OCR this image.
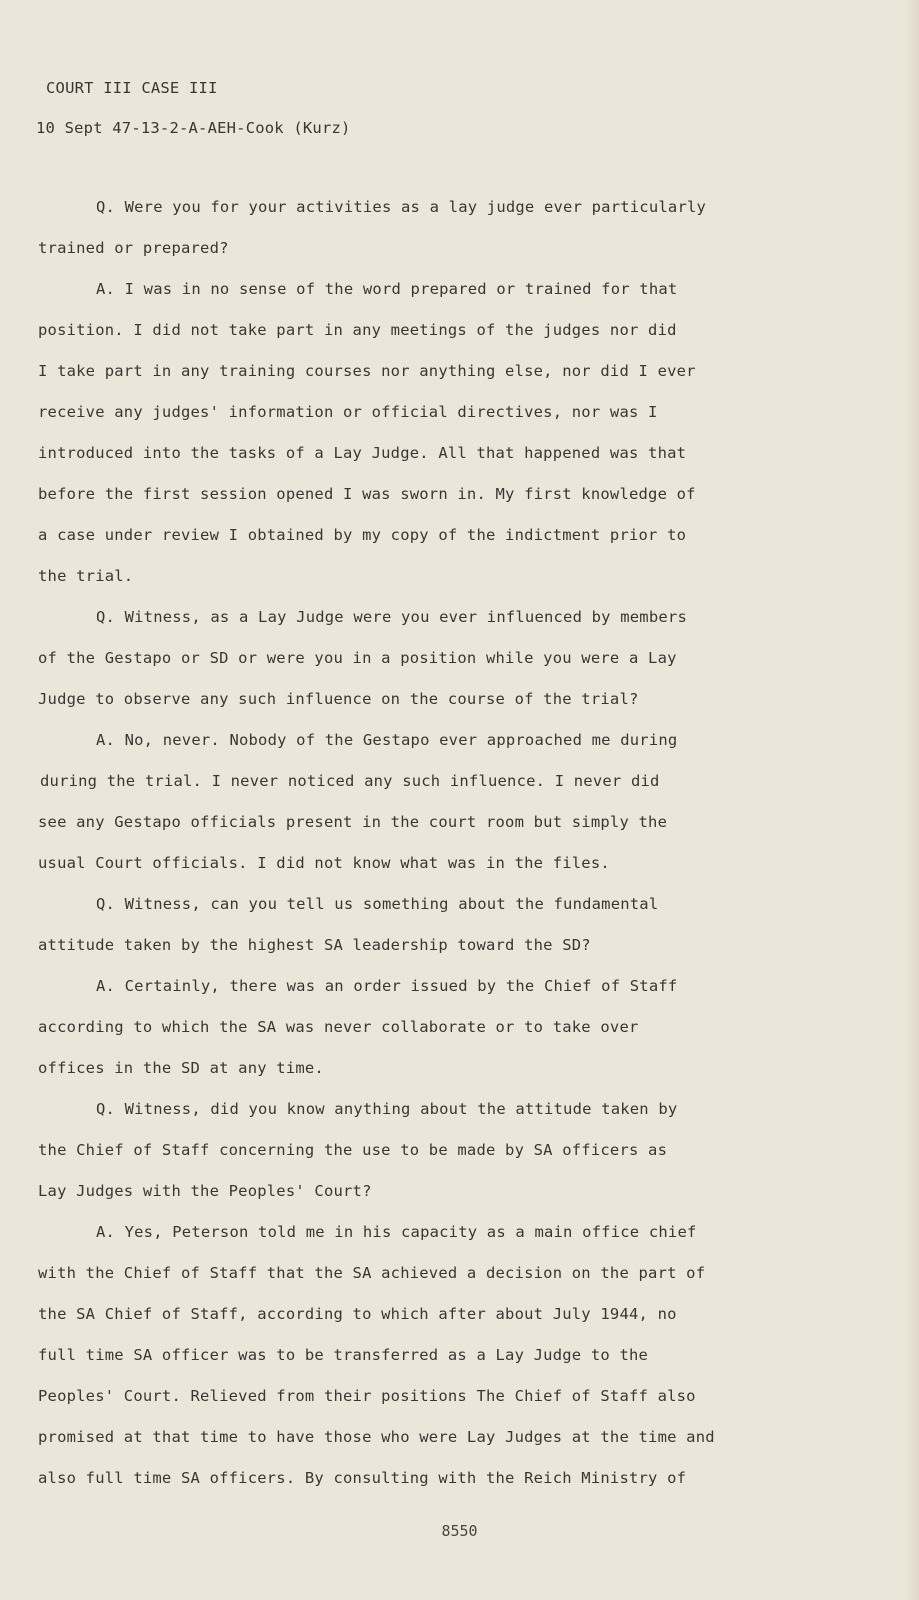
COURT III CASE III
10 Sept 47-13-2-A-AEH-Cook (Kurz)
Q. Were you for your activities as a lay judge ever particularly
trained or prepared?
A. I was in no sense of the word prepared or trained for that
position. I did not take part in any meetings of the judges nor did
I take part in any training courses nor anything else, nor did I ever
receive any judges' information or official directives, nor was I
introduced into the tasks of a Lay Judge. All that happened was that
before the first session opened I was sworn in. My first knowledge of
a case under review I obtained by my copy of the indictment prior to
the trial.
Q. Witness, as a Lay Judge were you ever influenced by members
of the Gestapo or SD or were you in a position while you were a Lay
Judge to observe any such influence on the course of the trial?
A. No, never. Nobody of the Gestapo ever approached me during
during the trial. I never noticed any such influence. I never did
see any Gestapo officials present in the court room but simply the
usual Court officials. I did not know what was in the files.
Q. Witness, can you tell us something about the fundamental
attitude taken by the highest SA leadership toward the SD?
A. Certainly, there was an order issued by the Chief of Staff
according to which the SA was never collaborate or to take over
offices in the SD at any time.
Q. Witness, did you know anything about the attitude taken by
the Chief of Staff concerning the use to be made by SA officers as
Lay Judges with the Peoples' Court?
A. Yes, Peterson told me in his capacity as a main office chief
with the Chief of Staff that the SA achieved a decision on the part of
the SA Chief of Staff, according to which after about July 1944, no
full time SA officer was to be transferred as a Lay Judge to the
Peoples' Court. Relieved from their positions The Chief of Staff also
promised at that time to have those who were Lay Judges at the time and
also full time SA officers. By consulting with the Reich Ministry of
8550
